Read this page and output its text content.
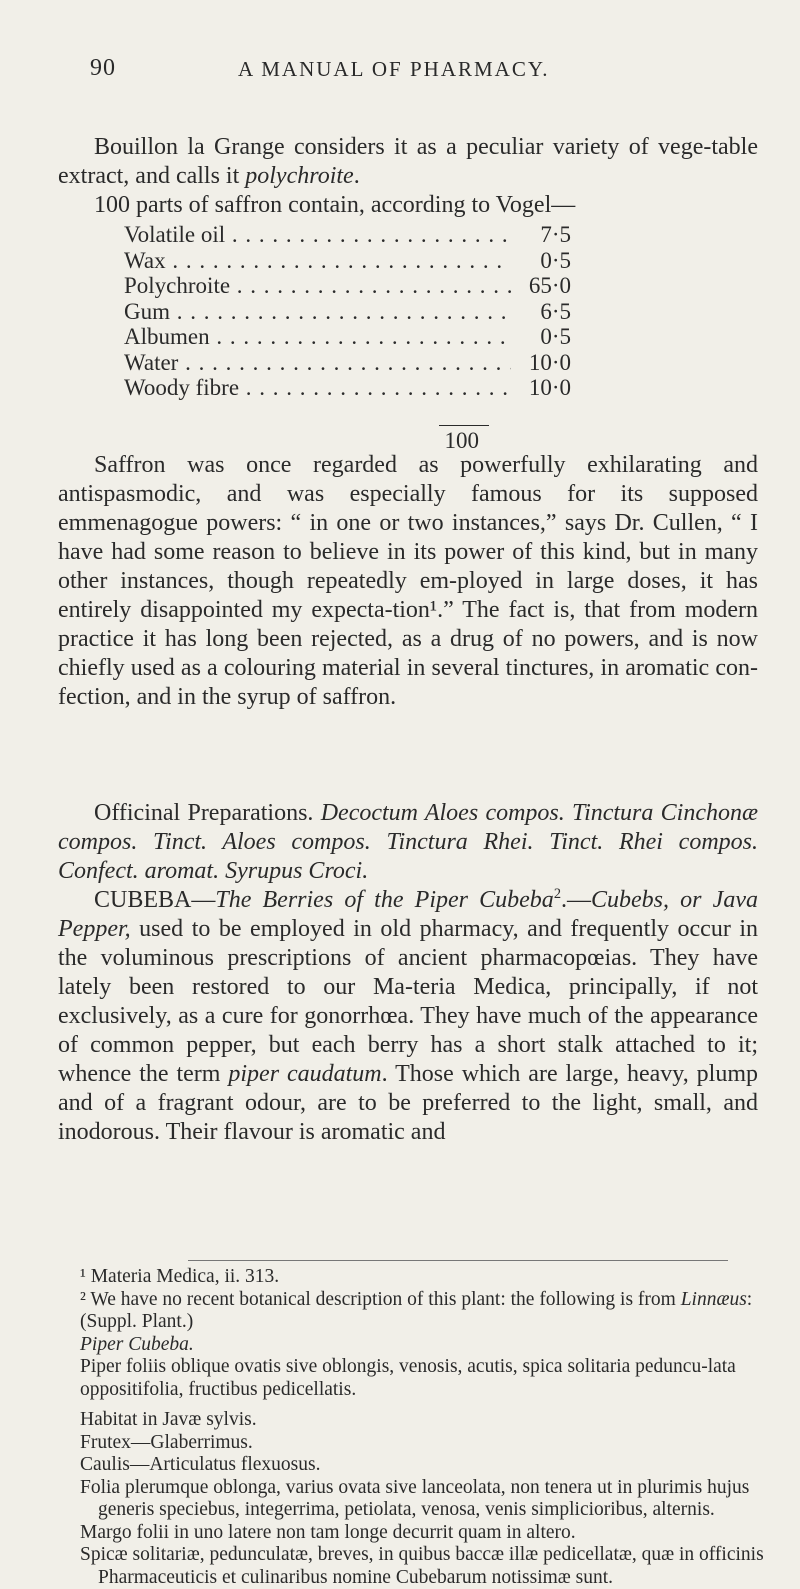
90	A MANUAL OF PHARMACY.

Bouillon la Grange considers it as a peculiar variety of vege-table extract, and calls it polychroite.

100 parts of saffron contain, according to Vogel—

Volatile oil . . .	7·5
Wax . . .	0·5
Polychroite . . .	65·0
Gum . . .	6·5
Albumen . . .	0·5
Water . . .	10·0
Woody fibre . . .	10·0
100

Saffron was once regarded as powerfully exhilarating and antispasmodic, and was especially famous for its supposed emmenagogue powers: “ in one or two instances,” says Dr. Cullen, “ I have had some reason to believe in its power of this kind, but in many other instances, though repeatedly em-ployed in large doses, it has entirely disappointed my expecta-tion¹.” The fact is, that from modern practice it has long been rejected, as a drug of no powers, and is now chiefly used as a colouring material in several tinctures, in aromatic con-fection, and in the syrup of saffron.

Officinal Preparations. Decoctum Aloes compos. Tinctura Cinchonæ compos. Tinct. Aloes compos. Tinctura Rhei. Tinct. Rhei compos. Confect. aromat. Syrupus Croci.

CUBEBA—The Berries of the Piper Cubeba$^2$.—Cubebs, or Java Pepper, used to be employed in old pharmacy, and frequently occur in the voluminous prescriptions of ancient pharmacopœias. They have lately been restored to our Ma-teria Medica, principally, if not exclusively, as a cure for gonorrhœa. They have much of the appearance of common pepper, but each berry has a short stalk attached to it; whence the term piper caudatum. Those which are large, heavy, plump and of a fragrant odour, are to be preferred to the light, small, and inodorous. Their flavour is aromatic and

¹ Materia Medica, ii. 313.

² We have no recent botanical description of this plant: the following is from Linnæus: (Suppl. Plant.)

Piper Cubeba.

Piper foliis oblique ovatis sive oblongis, venosis, acutis, spica solitaria peduncu-lata oppositifolia, fructibus pedicellatis.

Habitat in Javæ sylvis.

Frutex—Glaberrimus.

Caulis—Articulatus flexuosus.

Folia plerumque oblonga, varius ovata sive lanceolata, non tenera ut in plurimis hujus generis speciebus, integerrima, petiolata, venosa, venis simplicioribus, alternis.

Margo folii in uno latere non tam longe decurrit quam in altero.

Spicæ solitariæ, pedunculatæ, breves, in quibus baccæ illæ pedicellatæ, quæ in officinis Pharmaceuticis et culinaribus nomine Cubebarum notissimæ sunt.
